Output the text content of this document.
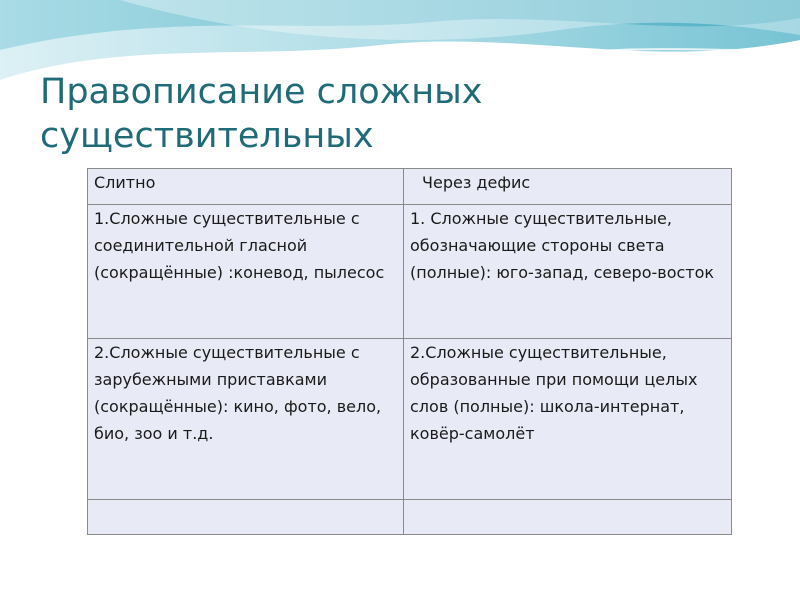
Правописание сложных существительных
Слитно	Через дефис

1.Сложные существительные с соединительной гласной (сокращённые) :коневод, пылесос	1. Сложные существительные, обозначающие стороны света (полные): юго-запад, северо-восток

2.Сложные существительные с зарубежными приставками (сокращённые): кино, фото, вело, био, зоо и т.д.	2.Сложные существительные, образованные при помощи целых слов (полные): школа-интернат, ковёр-самолёт
